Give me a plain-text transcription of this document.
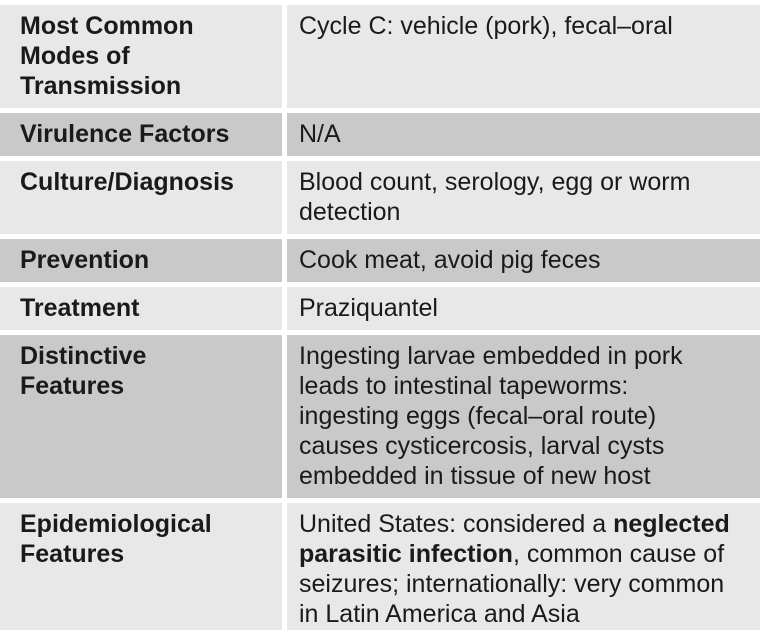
Most Common Modes of Transmission	Cycle C: vehicle (pork), fecal–oral
Virulence Factors	N/A
Culture/Diagnosis	Blood count, serology, egg or worm detection
Prevention	Cook meat, avoid pig feces
Treatment	Praziquantel
Distinctive Features	Ingesting larvae embedded in pork leads to intestinal tapeworms: ingesting eggs (fecal–oral route) causes cysticercosis, larval cysts embedded in tissue of new host
Epidemiological Features	United States: considered a neglected parasitic infection, common cause of seizures; internationally: very common in Latin America and Asia
